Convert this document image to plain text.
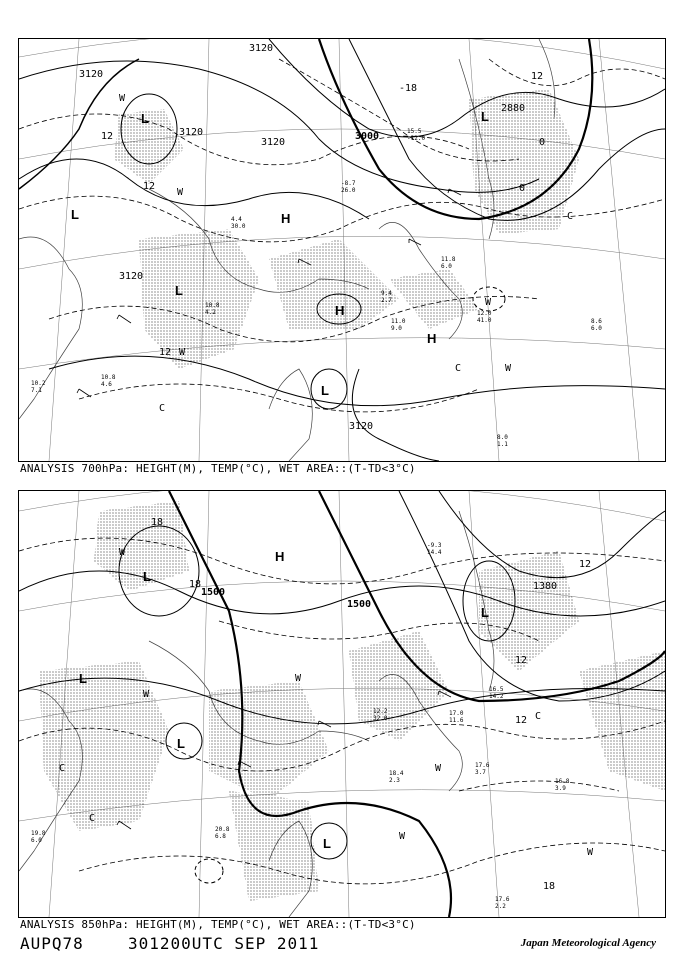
3120
3120
3120
3120
3120
3000
2880
3120
12
12
12
-18
0
0
12
L
L
L
L
L
H
H
H
W
W
W
W
W
C
C
C
11.0
9.0
12.0
41.0	8.6
6.0
10.2
7.1
10.8
4.6
8.0
1.1
11.8
6.0
10.8
4.2
9.4
2.7
15.5
-12.0
-8.7
26.0
4.4
30.0
ANALYSIS 700hPa: HEIGHT(M), TEMP(°C), WET AREA::(T-TD<3°C)
1500
1500
1380
18
18
12
12
12
18
L
L
L
L
L
H
W
W
W
W
W
W
C
C
C
19.8
6.0
18.4
2.3
17.6
3.7
16.8
3.9
17.6
2.2
16.5
14.2
12.2
32.0
-9.3
14.4
17.0
11.6
20.8
6.8
ANALYSIS 850hPa: HEIGHT(M), TEMP(°C), WET AREA::(T-TD<3°C)
AUPQ78	301200UTC SEP 2011	Japan Meteorological Agency
